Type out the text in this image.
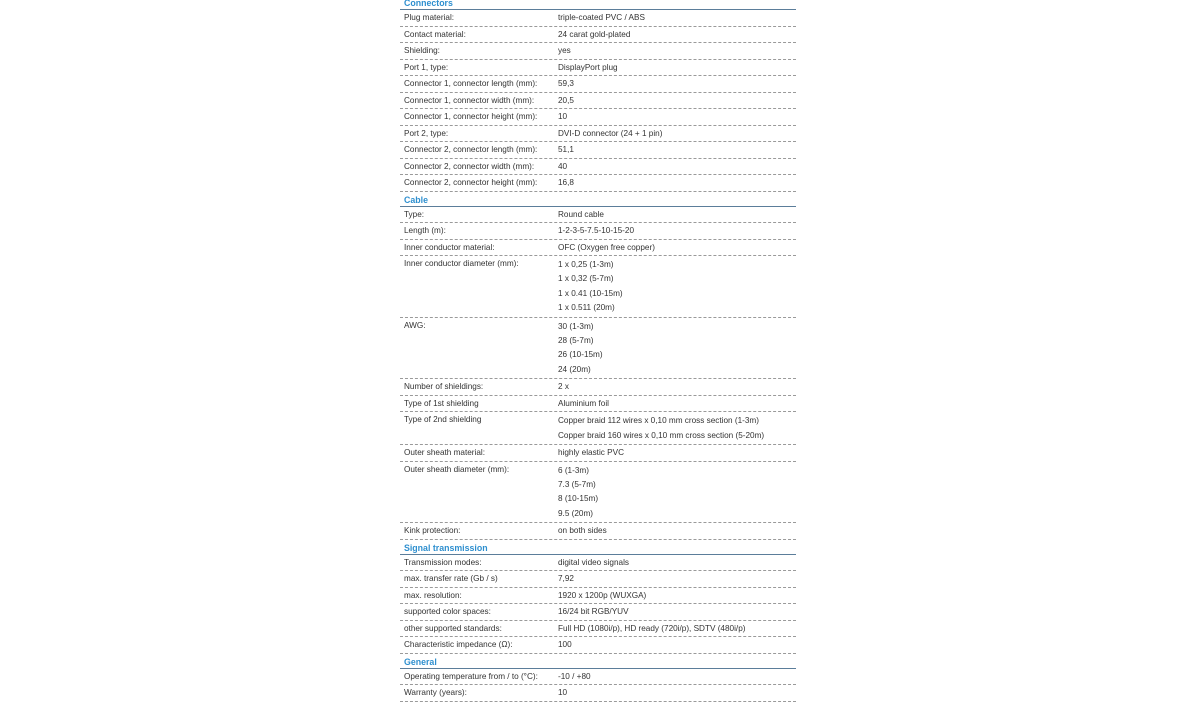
Connectors
Plug material:	triple-coated PVC / ABS
Contact material:	24 carat gold-plated
Shielding:	yes
Port 1, type:	DisplayPort plug
Connector 1, connector length (mm):	59,3
Connector 1, connector width (mm):	20,5
Connector 1, connector height (mm):	10
Port 2, type:	DVI-D connector (24 + 1 pin)
Connector 2, connector length (mm):	51,1
Connector 2, connector width (mm):	40
Connector 2, connector height (mm):	16,8
Cable
Type:	Round cable
Length (m):	1-2-3-5-7.5-10-15-20
Inner conductor material:	OFC (Oxygen free copper)
Inner conductor diameter (mm):	1 x 0,25 (1-3m)
1 x 0,32 (5-7m)
1 x 0.41 (10-15m)
1 x 0.511 (20m)
AWG:	30 (1-3m)
28 (5-7m)
26 (10-15m)
24 (20m)
Number of shieldings:	2 x
Type of 1st shielding	Aluminium foil
Type of 2nd shielding	Copper braid 112 wires x 0,10 mm cross section (1-3m)
Copper braid 160 wires x 0,10 mm cross section (5-20m)
Outer sheath material:	highly elastic PVC
Outer sheath diameter (mm):	6 (1-3m)
7.3 (5-7m)
8 (10-15m)
9.5 (20m)
Kink protection:	on both sides
Signal transmission
Transmission modes:	digital video signals
max. transfer rate (Gb / s)	7,92
max. resolution:	1920 x 1200p (WUXGA)
supported color spaces:	16/24 bit RGB/YUV
other supported standards:	Full HD (1080i/p), HD ready (720i/p), SDTV (480i/p)
Characteristic impedance (Ω):	100
General
Operating temperature from / to (°C):	-10 / +80
Warranty (years):	10
